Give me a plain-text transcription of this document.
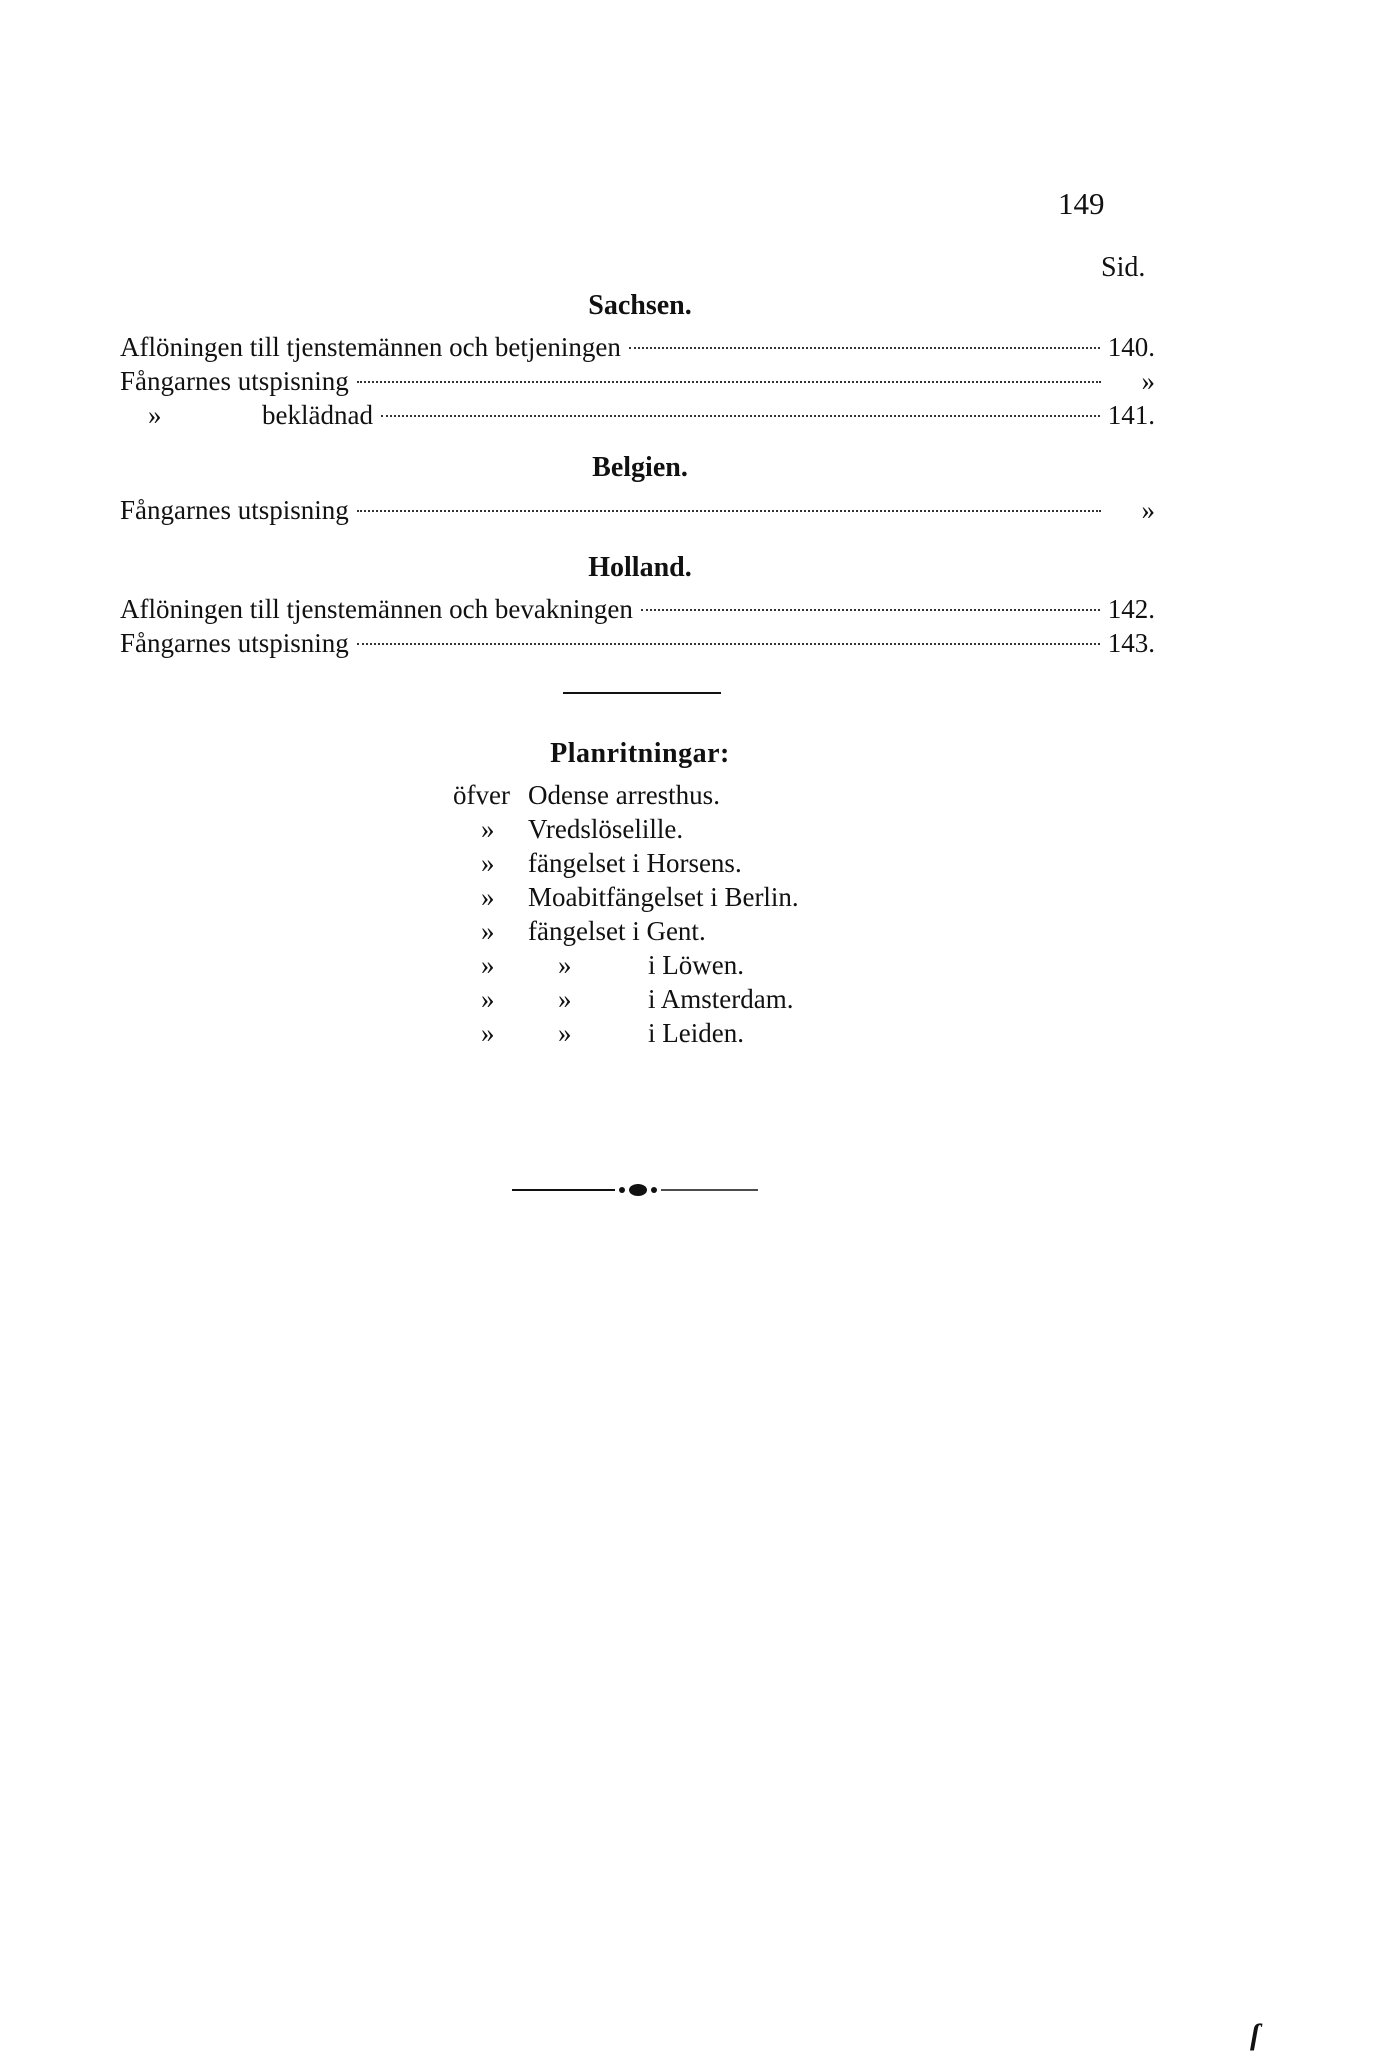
149
Sid.
Sachsen.
Aflöningen till tjenstemännen och betjeningen	140.
Fångarnes utspisning	»
»	beklädnad	141.
Belgien.
Fångarnes utspisning	»
Holland.
Aflöningen till tjenstemännen och bevakningen	142.
Fångarnes utspisning	143.
Planritningar:
öfver Odense arresthus.
» Vredslöselille.
» fängelset i Horsens.
» Moabitfängelset i Berlin.
» fängelset i Gent.
» »	i Löwen.
» »	i Amsterdam.
» »	i Leiden.
ſ
